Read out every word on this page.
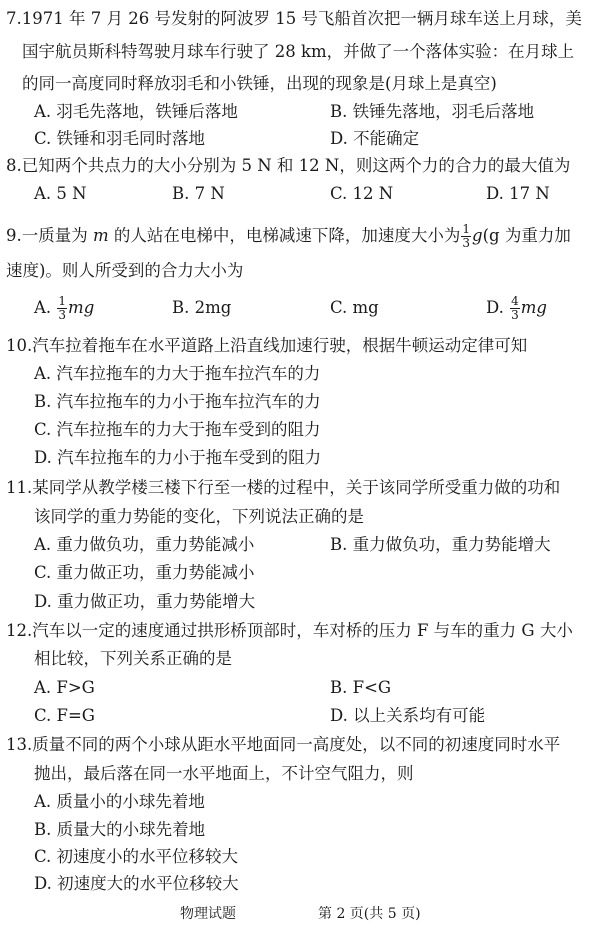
7.1971 年 7 月 26 号发射的阿波罗 15 号飞船首次把一辆月球车送上月球，美
国宇航员斯科特驾驶月球车行驶了 28 km，并做了一个落体实验：在月球上
的同一高度同时释放羽毛和小铁锤，出现的现象是(月球上是真空)
A. 羽毛先落地，铁锤后落地	B. 铁锤先落地，羽毛后落地
C. 铁锤和羽毛同时落地	D. 不能确定
8.已知两个共点力的大小分别为 5 N 和 12 N，则这两个力的合力的最大值为
A. 5 N	B. 7 N	C. 12 N	D. 17 N
9.一质量为 m 的人站在电梯中，电梯减速下降，加速度大小为 $\frac{1}{3} g(g$ 为重力加
速度)。则人所受到的合力大小为
A. $\frac{1}{3}$ mg	B. 2mg	C. mg	D. $\frac{4}{3}$ mg
10.汽车拉着拖车在水平道路上沿直线加速行驶，根据牛顿运动定律可知
A. 汽车拉拖车的力大于拖车拉汽车的力
B. 汽车拉拖车的力小于拖车拉汽车的力
C. 汽车拉拖车的力大于拖车受到的阻力
D. 汽车拉拖车的力小于拖车受到的阻力
11.某同学从教学楼三楼下行至一楼的过程中，关于该同学所受重力做的功和
该同学的重力势能的变化，下列说法正确的是
A. 重力做负功，重力势能减小	B. 重力做负功，重力势能增大
C. 重力做正功，重力势能减小
D. 重力做正功，重力势能增大
12.汽车以一定的速度通过拱形桥顶部时，车对桥的压力 F 与车的重力 G 大小
相比较，下列关系正确的是
A. F>G	B. F<G
C. F=G	D. 以上关系均有可能
13.质量不同的两个小球从距水平地面同一高度处，以不同的初速度同时水平
抛出，最后落在同一水平地面上，不计空气阻力，则
A. 质量小的小球先着地
B. 质量大的小球先着地
C. 初速度小的水平位移较大
D. 初速度大的水平位移较大
物理试题	第 2 页(共 5 页)
